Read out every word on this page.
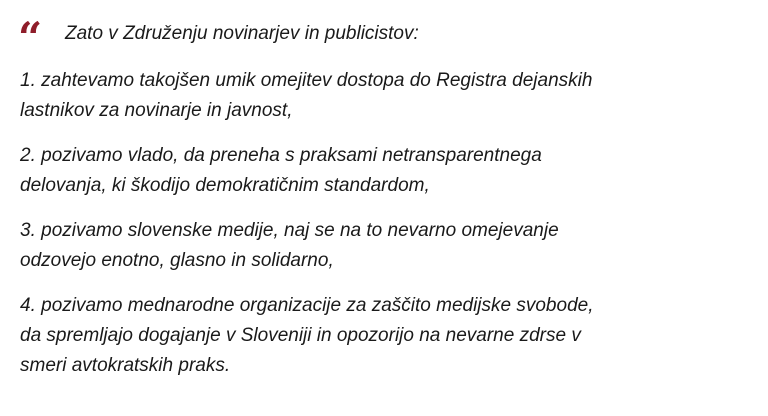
“ Zato v Združenju novinarjev in publicistov:
1. zahtevamo takojšen umik omejitev dostopa do Registra dejanskih
lastnikov za novinarje in javnost,
2. pozivamo vlado, da preneha s praksami netransparentnega
delovanja, ki škodijo demokratičnim standardom,
3. pozivamo slovenske medije, naj se na to nevarno omejevanje
odzovejo enotno, glasno in solidarno,
4. pozivamo mednarodne organizacije za zaščito medijske svobode,
da spremljajo dogajanje v Sloveniji in opozorijo na nevarne zdrse v
smeri avtokratskih praks.
